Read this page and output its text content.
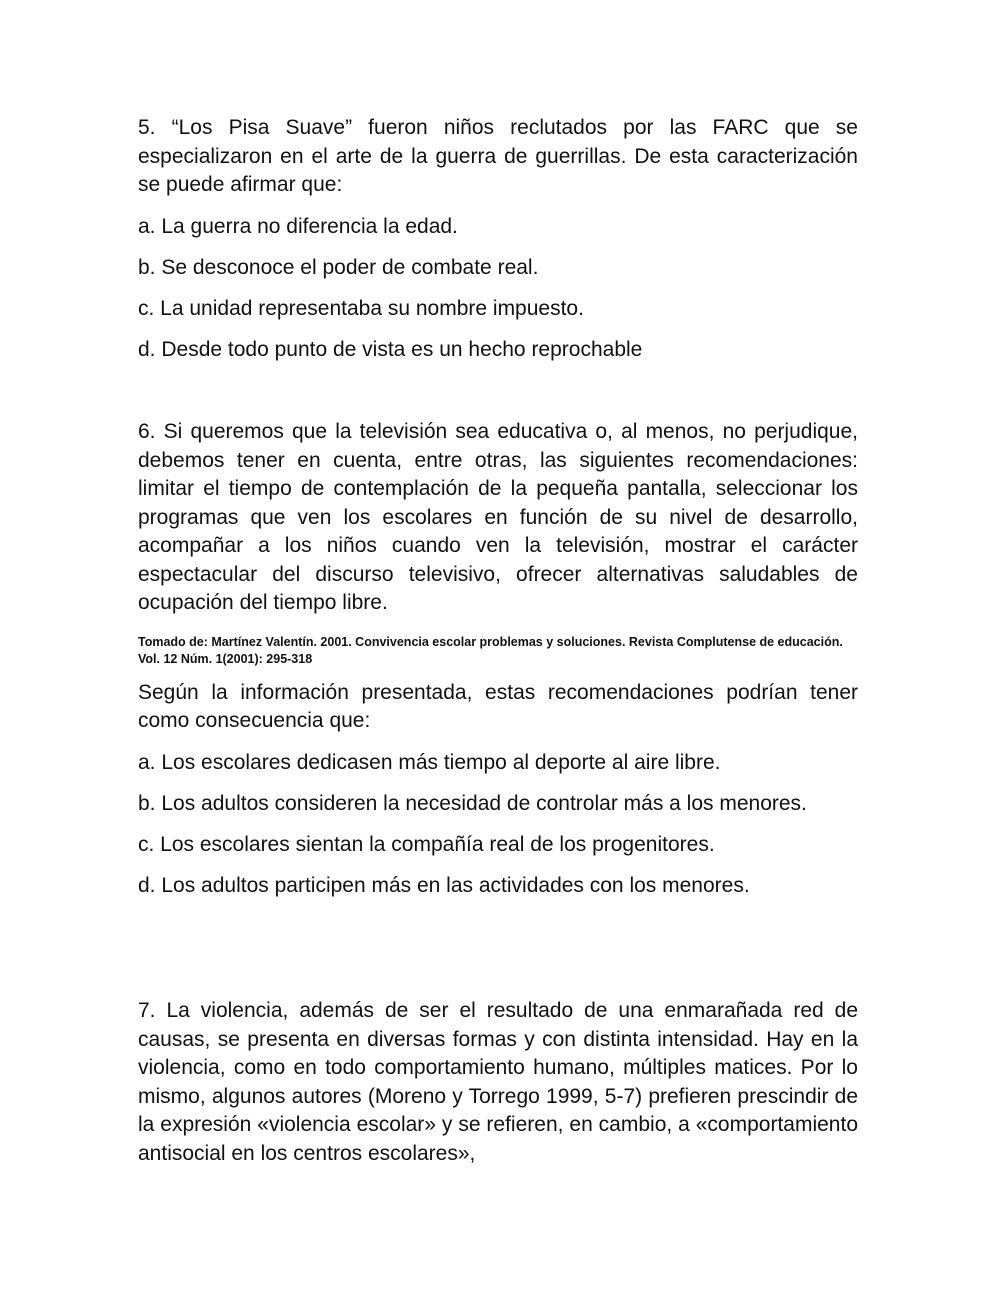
5. “Los Pisa Suave” fueron niños reclutados por las FARC que se especializaron en el arte de la guerra de guerrillas. De esta caracterización se puede afirmar que:

a. La guerra no diferencia la edad.

b. Se desconoce el poder de combate real.

c. La unidad representaba su nombre impuesto.

d. Desde todo punto de vista es un hecho reprochable

6. Si queremos que la televisión sea educativa o, al menos, no perjudique, debemos tener en cuenta, entre otras, las siguientes recomendaciones: limitar el tiempo de contemplación de la pequeña pantalla, seleccionar los programas que ven los escolares en función de su nivel de desarrollo, acompañar a los niños cuando ven la televisión, mostrar el carácter espectacular del discurso televisivo, ofrecer alternativas saludables de ocupación del tiempo libre.

Tomado de: Martínez Valentín. 2001. Convivencia escolar problemas y soluciones. Revista Complutense de educación. Vol. 12 Núm. 1(2001): 295-318

Según la información presentada, estas recomendaciones podrían tener como consecuencia que:

a. Los escolares dedicasen más tiempo al deporte al aire libre.

b. Los adultos consideren la necesidad de controlar más a los menores.

c. Los escolares sientan la compañía real de los progenitores.

d. Los adultos participen más en las actividades con los menores.

7. La violencia, además de ser el resultado de una enmarañada red de causas, se presenta en diversas formas y con distinta intensidad. Hay en la violencia, como en todo comportamiento humano, múltiples matices. Por lo mismo, algunos autores (Moreno y Torrego 1999, 5-7) prefieren prescindir de la expresión «violencia escolar» y se refieren, en cambio, a «comportamiento antisocial en los centros escolares»,
